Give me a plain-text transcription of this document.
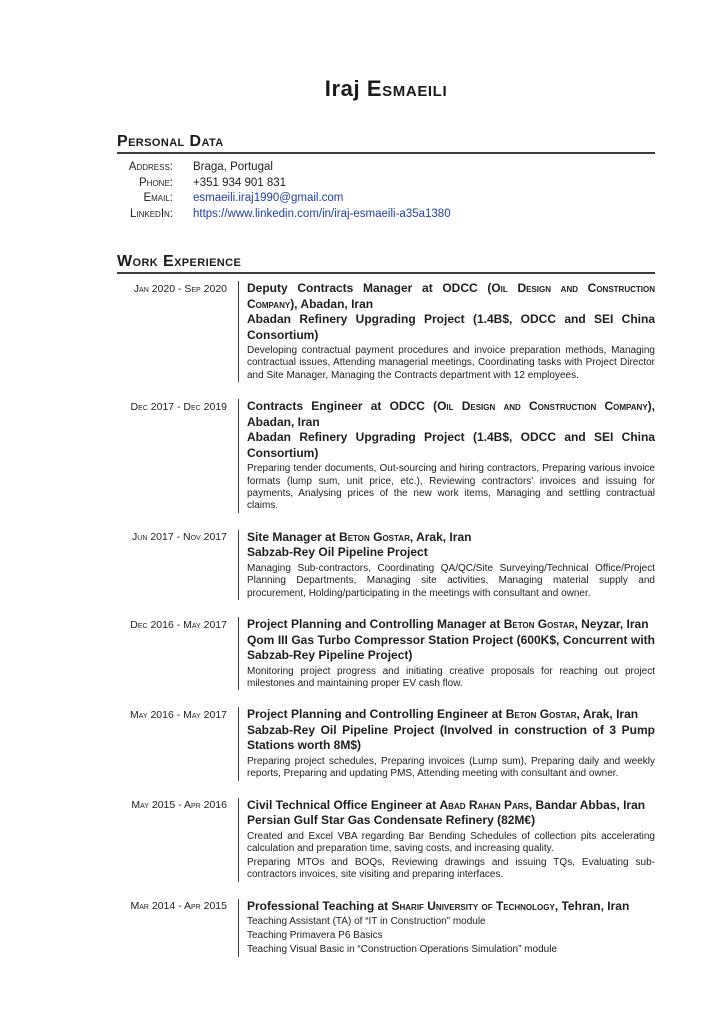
Iraj Esmaeili
Personal Data
Address: Braga, Portugal
Phone: +351 934 901 831
Email: esmaeili.iraj1990@gmail.com
LinkedIn: https://www.linkedin.com/in/iraj-esmaeili-a35a1380
Work Experience
Jan 2020 - Sep 2020 Deputy Contracts Manager at ODCC (Oil Design and Construction Company), Abadan, Iran
Abadan Refinery Upgrading Project (1.4B$, ODCC and SEI China Consortium)

Developing contractual payment procedures and invoice preparation methods, Managing contractual issues, Attending managerial meetings, Coordinating tasks with Project Director and Site Manager, Managing the Contracts department with 12 employees.

Dec 2017 - Dec 2019 Contracts Engineer at ODCC (Oil Design and Construction Company), Abadan, Iran
Abadan Refinery Upgrading Project (1.4B$, ODCC and SEI China Consortium)

Preparing tender documents, Out-sourcing and hiring contractors, Preparing various invoice formats (lump sum, unit price, etc.), Reviewing contractors’ invoices and issuing for payments, Analysing prices of the new work items, Managing and settling contractual claims.

Jun 2017 - Nov 2017 Site Manager at Beton Gostar, Arak, Iran
Sabzab-Rey Oil Pipeline Project

Managing Sub-contractors, Coordinating QA/QC/Site Surveying/Technical Office/Project Planning Departments, Managing site activities, Managing material supply and procurement, Holding/participating in the meetings with consultant and owner.

Dec 2016 - May 2017 Project Planning and Controlling Manager at Beton Gostar, Neyzar, Iran
Qom III Gas Turbo Compressor Station Project (600K$, Concurrent with Sabzab-Rey Pipeline Project)

Monitoring project progress and initiating creative proposals for reaching out project milestones and maintaining proper EV cash flow.

May 2016 - May 2017 Project Planning and Controlling Engineer at Beton Gostar, Arak, Iran
Sabzab-Rey Oil Pipeline Project (Involved in construction of 3 Pump Stations worth 8M$)

Preparing project schedules, Preparing invoices (Lump sum), Preparing daily and weekly reports, Preparing and updating PMS, Attending meeting with consultant and owner.

May 2015 - Apr 2016 Civil Technical Office Engineer at Abad Rahan Pars, Bandar Abbas, Iran
Persian Gulf Star Gas Condensate Refinery (82M€)

Created and Excel VBA regarding Bar Bending Schedules of collection pits accelerating calculation and preparation time, saving costs, and increasing quality.

Preparing MTOs and BOQs, Reviewing drawings and issuing TQs, Evaluating sub-contractors invoices, site visiting and preparing interfaces.

Mar 2014 - Apr 2015 Professional Teaching at Sharif University of Technology, Tehran, Iran

Teaching Assistant (TA) of “IT in Construction” module

Teaching Primavera P6 Basics

Teaching Visual Basic in “Construction Operations Simulation” module
